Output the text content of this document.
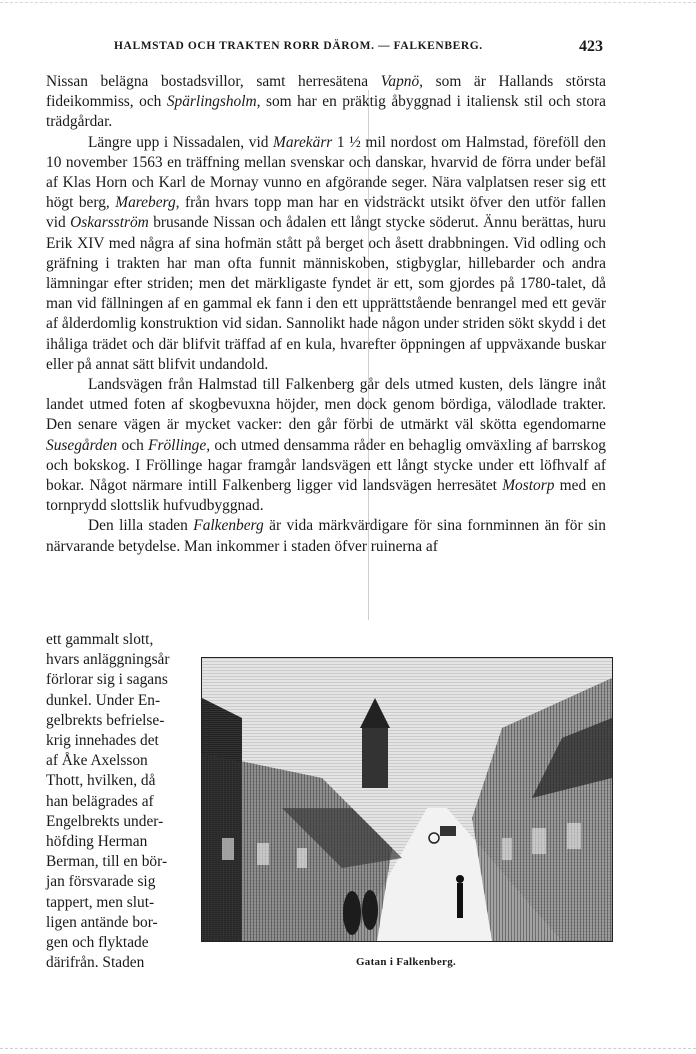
HALMSTAD OCH TRAKTEN RORR DÄROM. — FALKENBERG.	423

Nissan belägna bostadsvillor, samt herresätena Vapnö, som är Hallands största fideikommiss, och Spärlingsholm, som har en präktig åbyggnad i italiensk stil och stora trädgårdar.

Längre upp i Nissadalen, vid Marekärr 1 ½ mil nordost om Halmstad, föreföll den 10 november 1563 en träffning mellan svenskar och danskar, hvarvid de förra under befäl af Klas Horn och Karl de Mornay vunno en afgörande seger. Nära valplatsen reser sig ett högt berg, Mareberg, från hvars topp man har en vidsträckt utsikt öfver den utför fallen vid Oskarsström brusande Nissan och ådalen ett långt stycke söderut. Ännu berättas, huru Erik XIV med några af sina hofmän stått på berget och åsett drabbningen. Vid odling och gräfning i trakten har man ofta funnit människoben, stigbyglar, hillebarder och andra lämningar efter striden; men det märkligaste fyndet är ett, som gjordes på 1780-talet, då man vid fällningen af en gammal ek fann i den ett upprättstående benrangel med ett gevär af ålderdomlig konstruktion vid sidan. Sannolikt hade någon under striden sökt skydd i det ihåliga trädet och där blifvit träffad af en kula, hvarefter öppningen af uppväxande buskar eller på annat sätt blifvit undandold.

Landsvägen från Halmstad till Falkenberg går dels utmed kusten, dels längre inåt landet utmed foten af skogbevuxna höjder, men dock genom bördiga, välodlade trakter. Den senare vägen är mycket vacker: den går förbi de utmärkt väl skötta egendomarne Susegården och Fröllinge, och utmed densamma råder en behaglig omväxling af barrskog och bokskog. I Fröllinge hagar framgår landsvägen ett långt stycke under ett löfhvalf af bokar. Något närmare intill Falkenberg ligger vid landsvägen herresätet Mostorp med en tornprydd slottslik hufvudbyggnad.

Den lilla staden Falkenberg är vida märkvärdigare för sina fornminnen än för sin närvarande betydelse. Man inkommer i staden öfver ruinerna af

ett gammalt slott,
hvars anläggningsår
förlorar sig i sagans
dunkel. Under En-
gelbrekts befrielse-
krig innehades det
af Åke Axelsson
Thott, hvilken, då
han belägrades af
Engelbrekts under-
höfding Herman
Berman, till en bör-
jan försvarade sig
tappert, men slut-
ligen antände bor-
gen och flyktade
därifrån. Staden	Gatan i Falkenberg.
